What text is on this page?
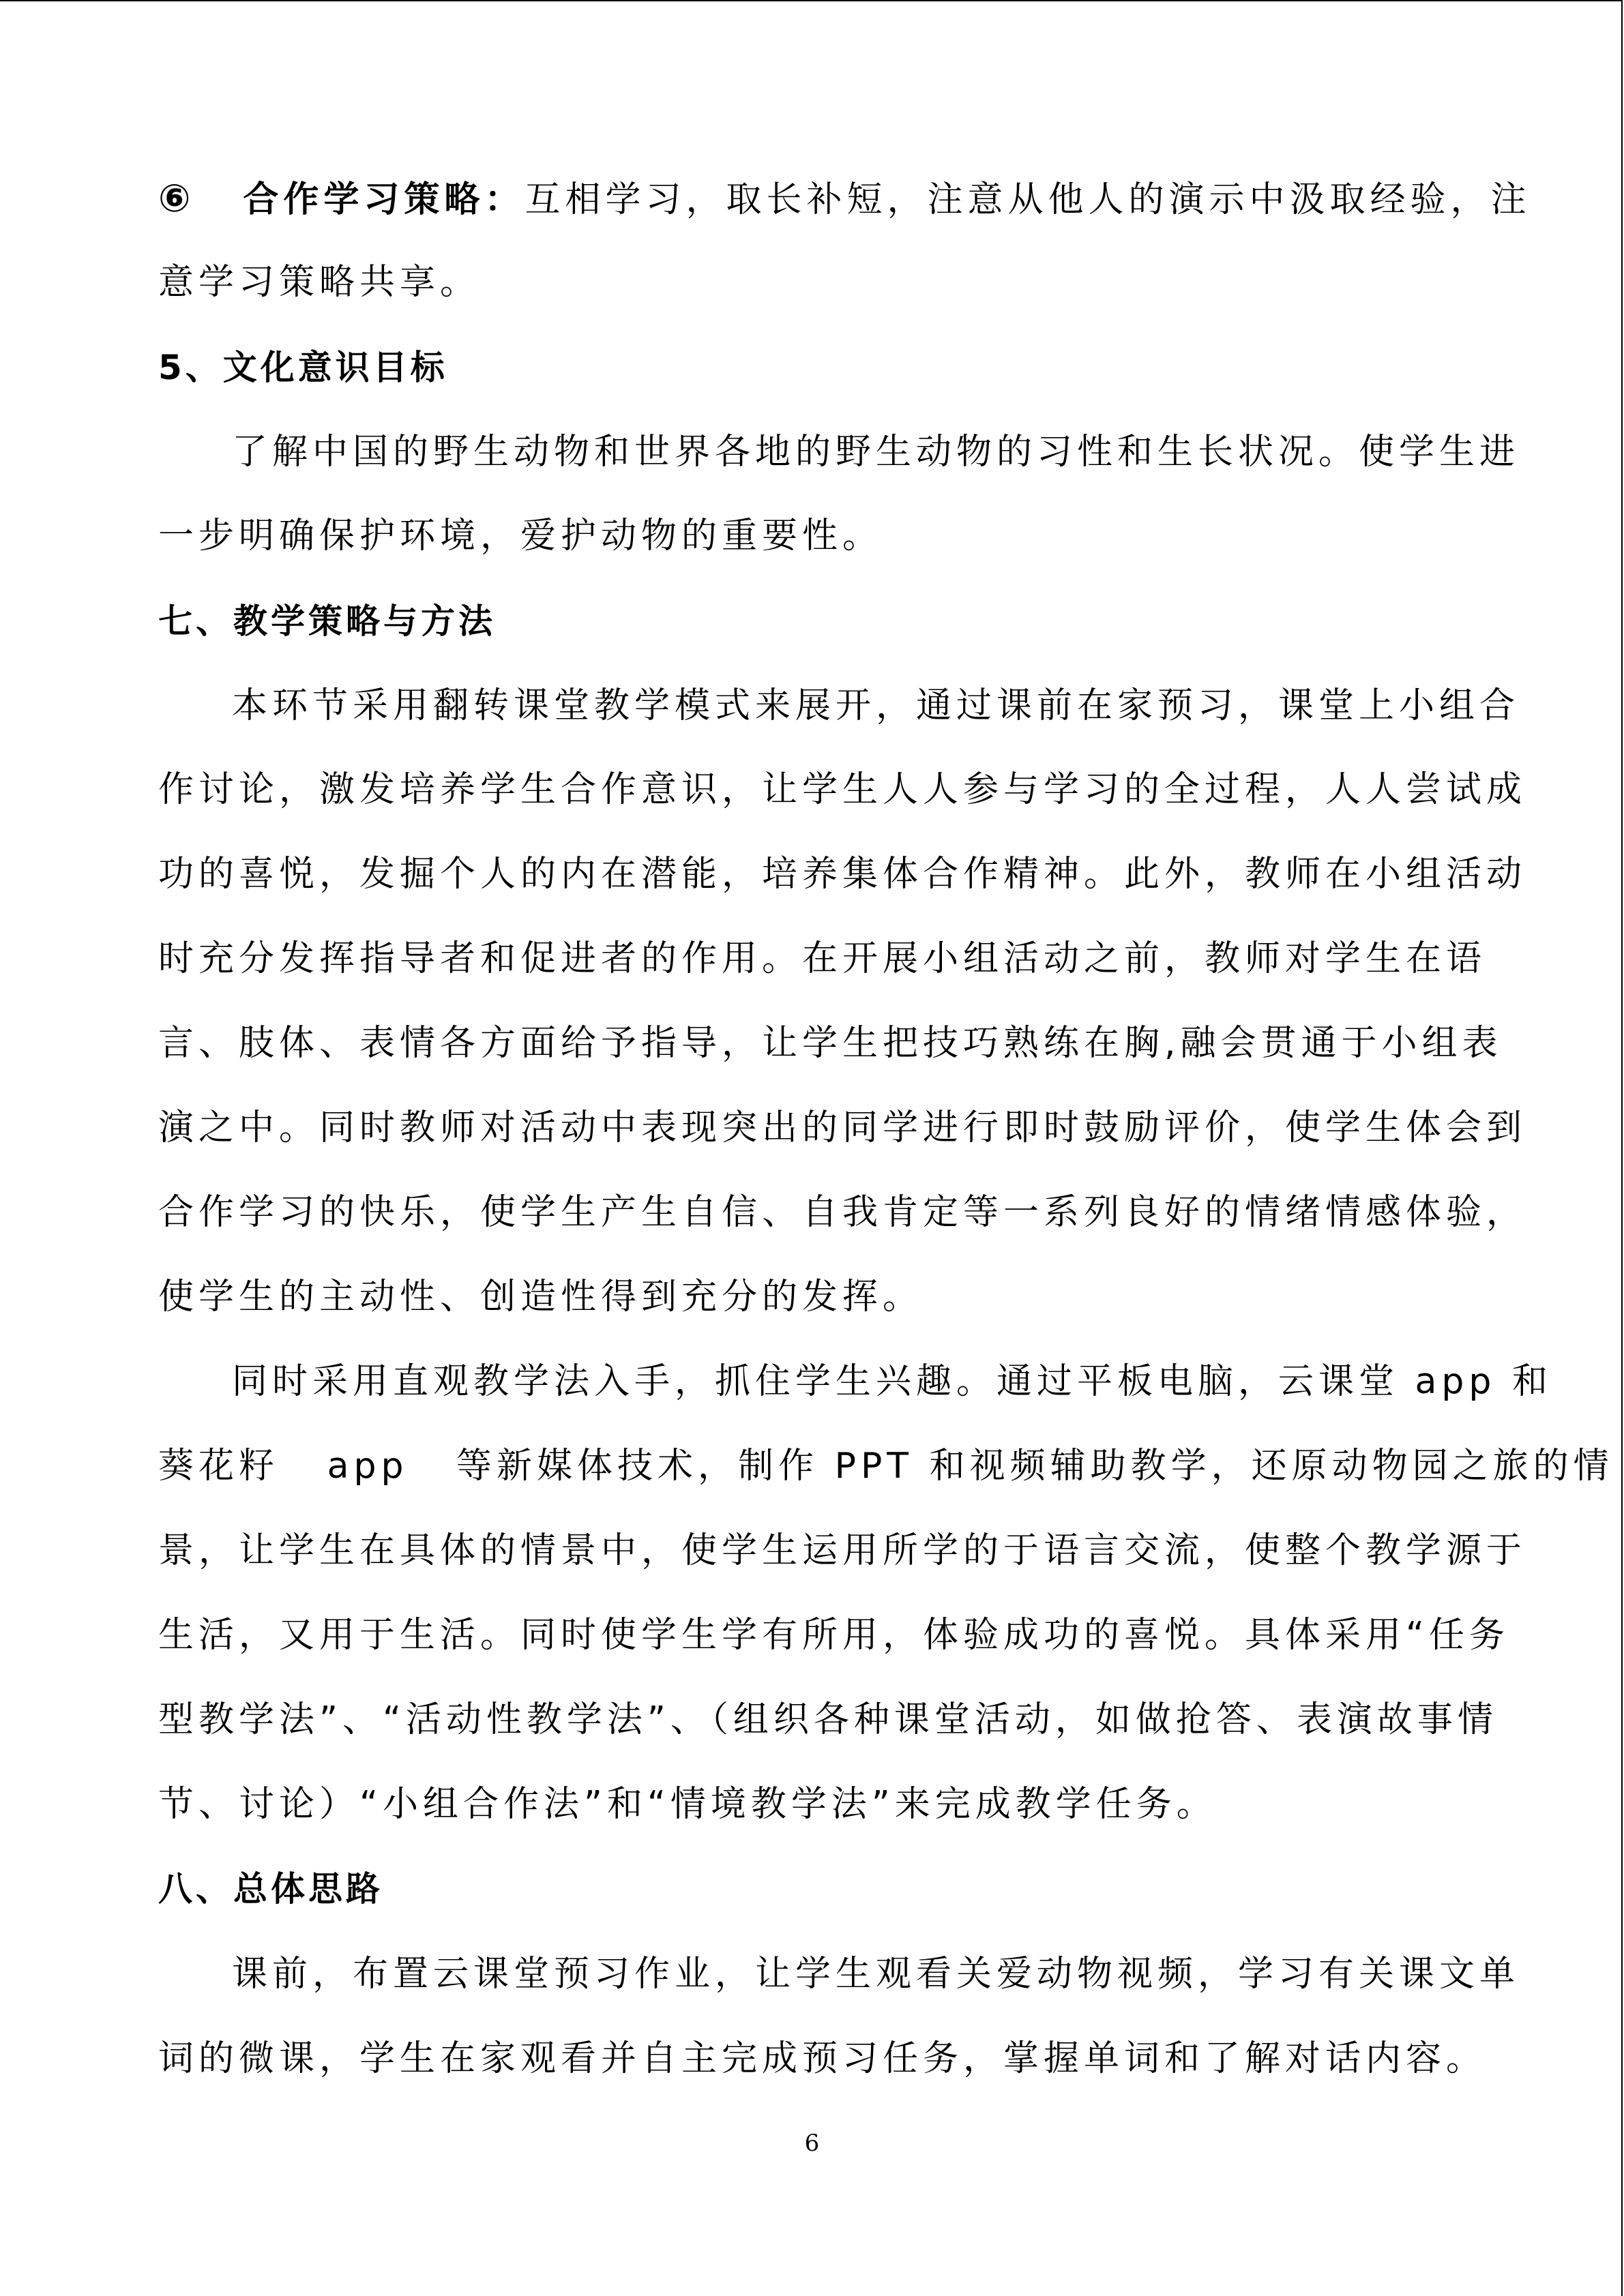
⑥ 合作学习策略：互相学习，取长补短，注意从他人的演示中汲取经验，注
意学习策略共享。
5、文化意识目标
了解中国的野生动物和世界各地的野生动物的习性和生长状况。使学生进
一步明确保护环境，爱护动物的重要性。
七、教学策略与方法
本环节采用翻转课堂教学模式来展开，通过课前在家预习，课堂上小组合
作讨论，激发培养学生合作意识，让学生人人参与学习的全过程，人人尝试成
功的喜悦，发掘个人的内在潜能，培养集体合作精神。此外，教师在小组活动
时充分发挥指导者和促进者的作用。在开展小组活动之前，教师对学生在语
言、肢体、表情各方面给予指导，让学生把技巧熟练在胸,融会贯通于小组表
演之中。同时教师对活动中表现突出的同学进行即时鼓励评价，使学生体会到
合作学习的快乐，使学生产生自信、自我肯定等一系列良好的情绪情感体验，
使学生的主动性、创造性得到充分的发挥。
同时采用直观教学法入手，抓住学生兴趣。通过平板电脑，云课堂 app 和
葵花籽   app   等新媒体技术，制作 PPT 和视频辅助教学，还原动物园之旅的情
景，让学生在具体的情景中，使学生运用所学的于语言交流，使整个教学源于
生活，又用于生活。同时使学生学有所用，体验成功的喜悦。具体采用“任务
型教学法”、“活动性教学法”、（组织各种课堂活动，如做抢答、表演故事情
节、讨论）“小组合作法”和“情境教学法”来完成教学任务。
八、总体思路
课前，布置云课堂预习作业，让学生观看关爱动物视频，学习有关课文单
词的微课，学生在家观看并自主完成预习任务，掌握单词和了解对话内容。
6
